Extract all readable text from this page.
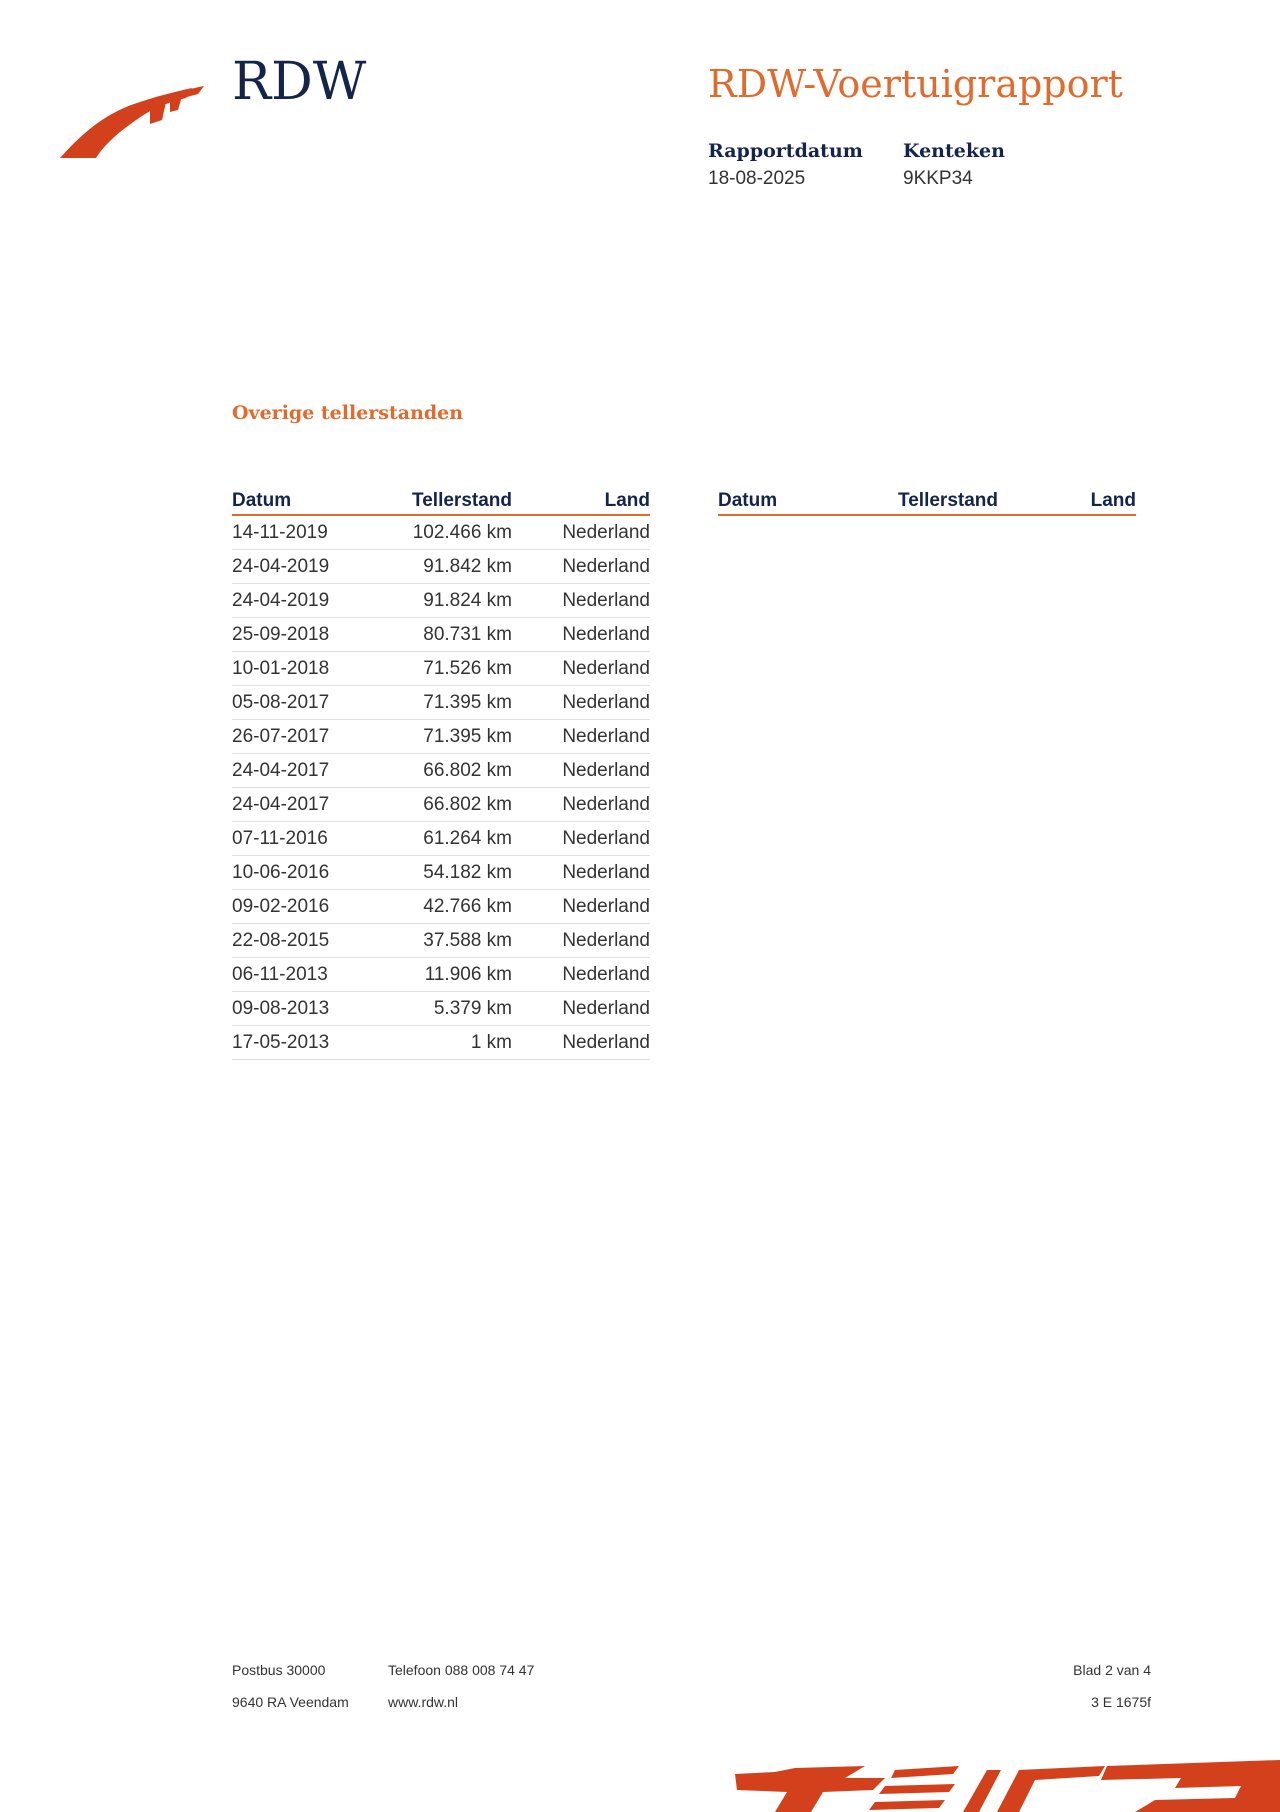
RDW	RDW-Voertuigrapport
Rapportdatum
18-08-2025
Kenteken
9KKP34
Overige tellerstanden
Datum	Tellerstand	Land
14-11-2019	102.466 km	Nederland
24-04-2019	91.842 km	Nederland
24-04-2019	91.824 km	Nederland
25-09-2018	80.731 km	Nederland
10-01-2018	71.526 km	Nederland
05-08-2017	71.395 km	Nederland
26-07-2017	71.395 km	Nederland
24-04-2017	66.802 km	Nederland
24-04-2017	66.802 km	Nederland
07-11-2016	61.264 km	Nederland
10-06-2016	54.182 km	Nederland
09-02-2016	42.766 km	Nederland
22-08-2015	37.588 km	Nederland
06-11-2013	11.906 km	Nederland
09-08-2013	5.379 km	Nederland
17-05-2013	1 km	Nederland
Datum	Tellerstand	Land
Postbus 30000
9640 RA Veendam
Telefoon 088 008 74 47
www.rdw.nl
Blad 2 van 4
3 E 1675f
